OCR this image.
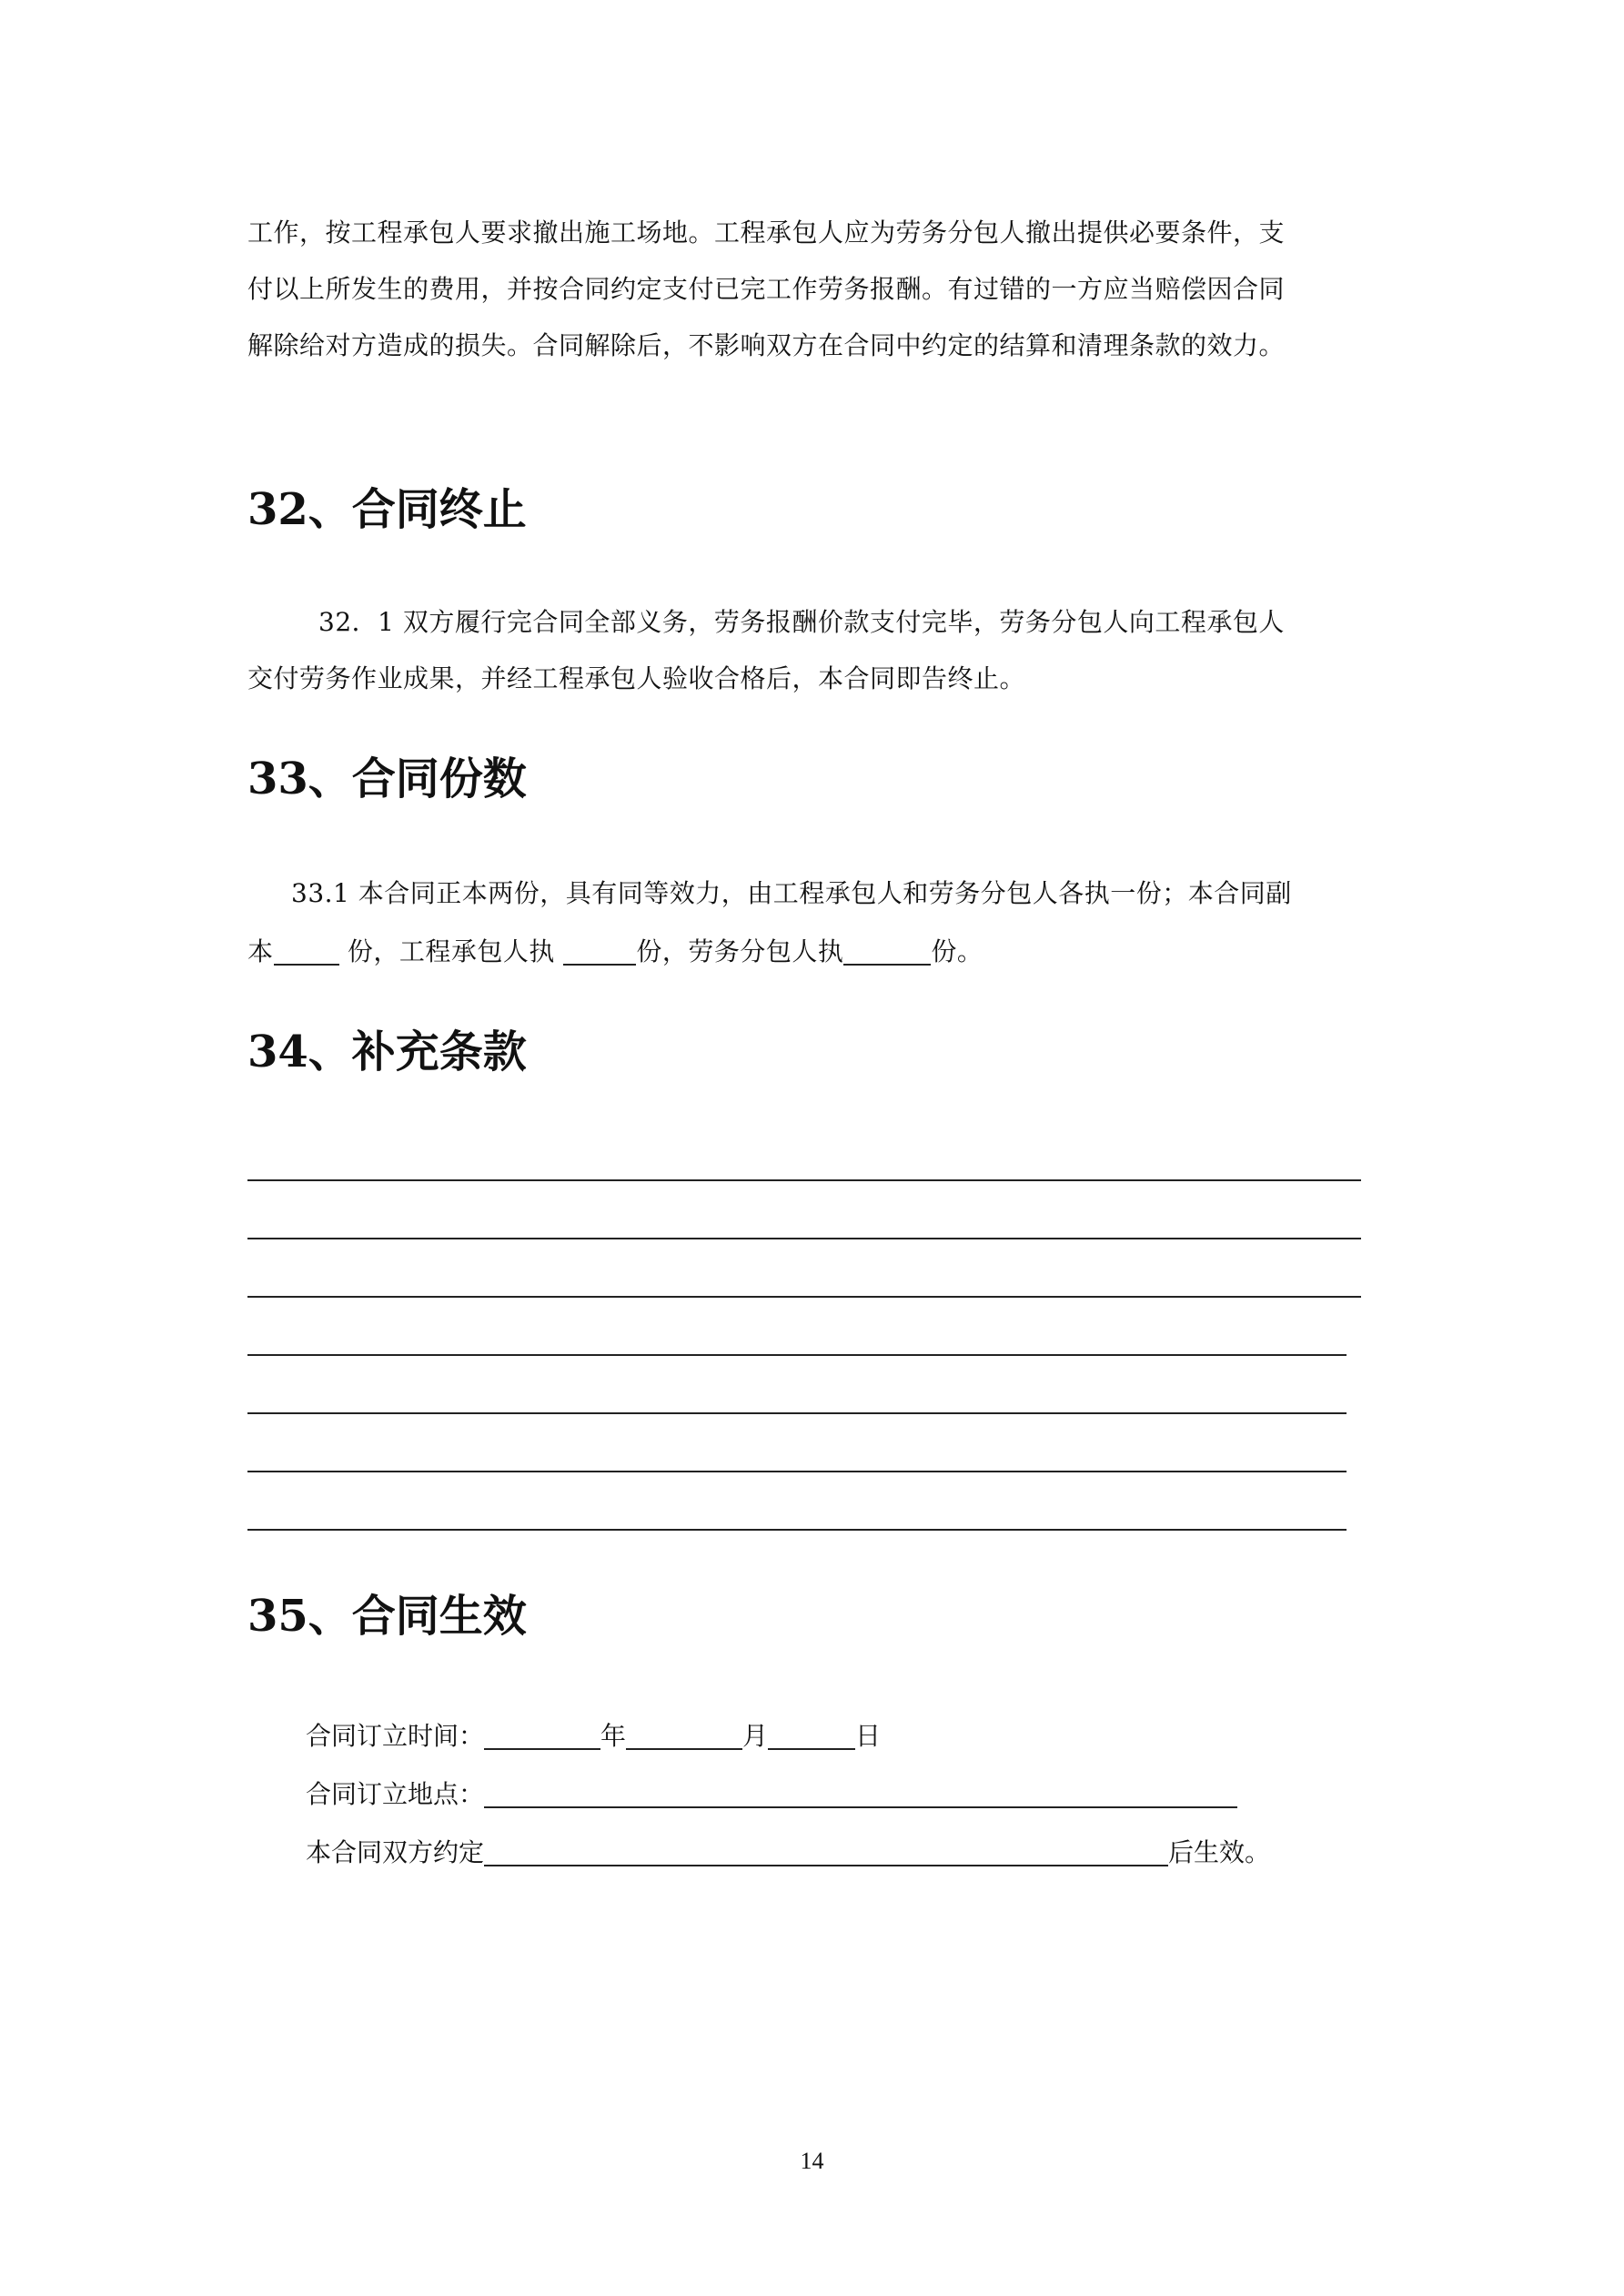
工作，按工程承包人要求撤出施工场地。工程承包人应为劳务分包人撤出提供必要条件，支
付以上所发生的费用，并按合同约定支付已完工作劳务报酬。有过错的一方应当赔偿因合同
解除给对方造成的损失。合同解除后，不影响双方在合同中约定的结算和清理条款的效力。
32、合同终止
32．1 双方履行完合同全部义务，劳务报酬价款支付完毕，劳务分包人向工程承包人
交付劳务作业成果，并经工程承包人验收合格后，本合同即告终止。
33、合同份数
33.1 本合同正本两份，具有同等效力，由工程承包人和劳务分包人各执一份；本合同副
本	份，工程承包人执	份，劳务分包人执	份。
34、补充条款
35、合同生效
合同订立时间：	年	月	日
合同订立地点：
本合同双方约定	后生效。
14
